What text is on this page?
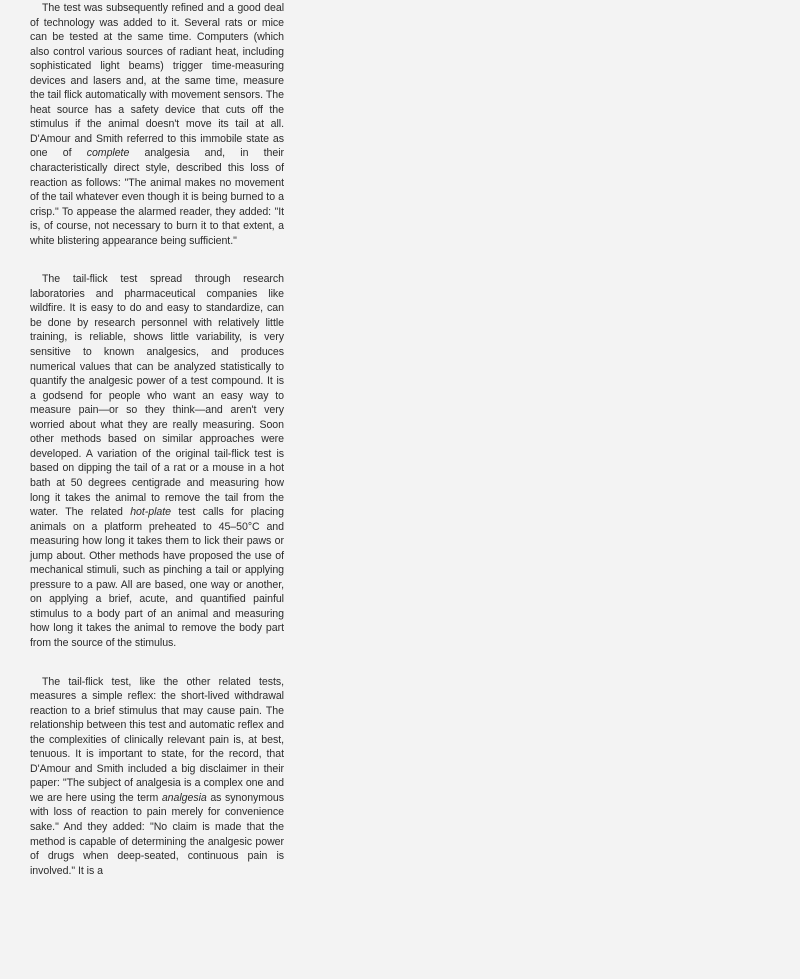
The test was subsequently refined and a good deal of technology was added to it. Several rats or mice can be tested at the same time. Computers (which also control various sources of radiant heat, including sophisticated light beams) trigger time-measuring devices and lasers and, at the same time, measure the tail flick automatically with movement sensors. The heat source has a safety device that cuts off the stimulus if the animal doesn't move its tail at all. D'Amour and Smith referred to this immobile state as one of complete analgesia and, in their characteristically direct style, described this loss of reaction as follows: "The animal makes no movement of the tail whatever even though it is being burned to a crisp." To appease the alarmed reader, they added: "It is, of course, not necessary to burn it to that extent, a white blistering appearance being sufficient."

The tail-flick test spread through research laboratories and pharmaceutical companies like wildfire. It is easy to do and easy to standardize, can be done by research personnel with relatively little training, is reliable, shows little variability, is very sensitive to known analgesics, and produces numerical values that can be analyzed statistically to quantify the analgesic power of a test compound. It is a godsend for people who want an easy way to measure pain—or so they think—and aren't very worried about what they are really measuring. Soon other methods based on similar approaches were developed. A variation of the original tail-flick test is based on dipping the tail of a rat or a mouse in a hot bath at 50 degrees centigrade and measuring how long it takes the animal to remove the tail from the water. The related hot-plate test calls for placing animals on a platform preheated to 45–50°C and measuring how long it takes them to lick their paws or jump about. Other methods have proposed the use of mechanical stimuli, such as pinching a tail or applying pressure to a paw. All are based, one way or another, on applying a brief, acute, and quantified painful stimulus to a body part of an animal and measuring how long it takes the animal to remove the body part from the source of the stimulus.

The tail-flick test, like the other related tests, measures a simple reflex: the short-lived withdrawal reaction to a brief stimulus that may cause pain. The relationship between this test and automatic reflex and the complexities of clinically relevant pain is, at best, tenuous. It is important to state, for the record, that D'Amour and Smith included a big disclaimer in their paper: "The subject of analgesia is a complex one and we are here using the term analgesia as synonymous with loss of reaction to pain merely for convenience sake." And they added: "No claim is made that the method is capable of determining the analgesic power of drugs when deep-seated, continuous pain is involved." It is a
